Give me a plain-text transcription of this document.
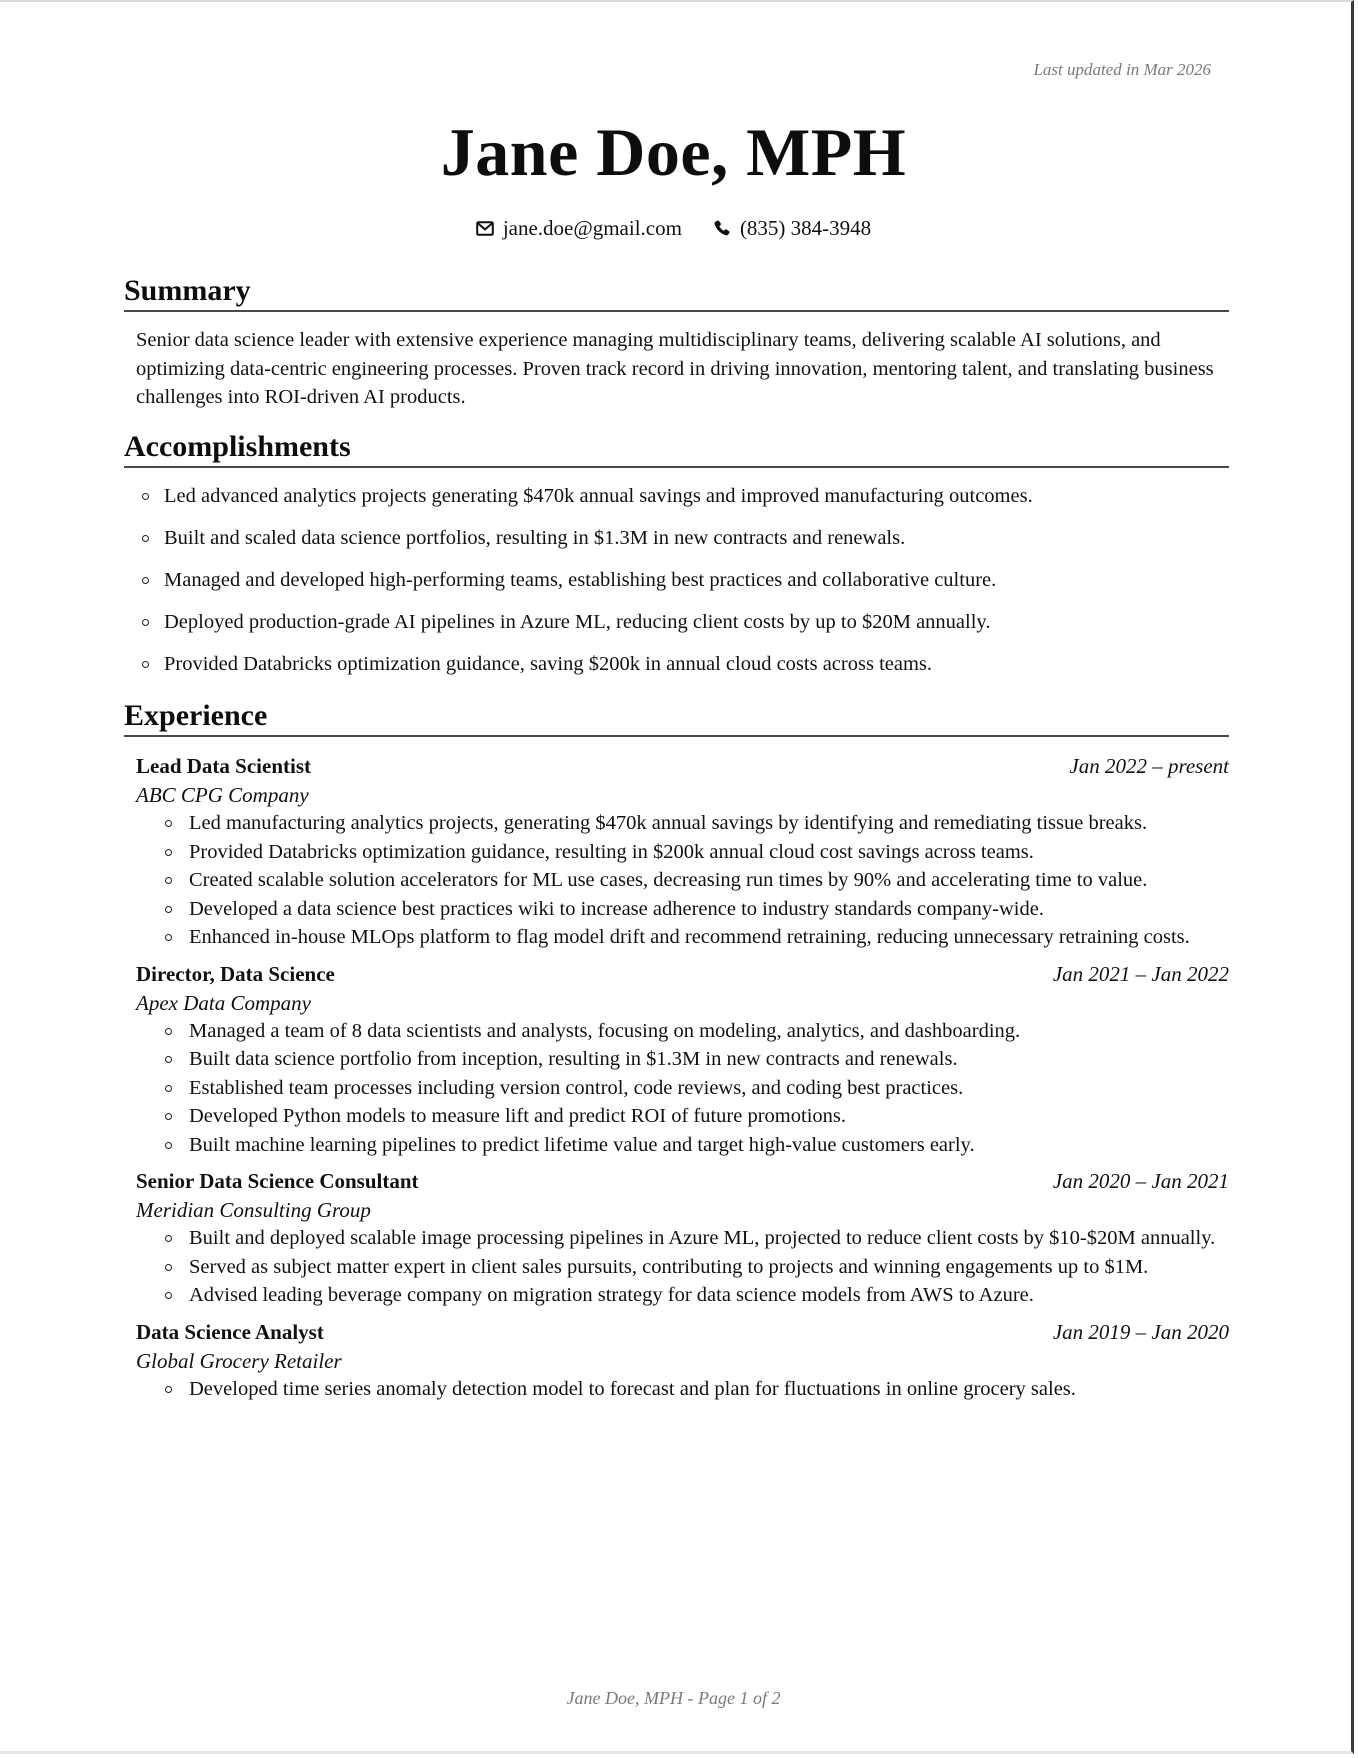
Last updated in Mar 2026
Jane Doe, MPH
jane.doe@gmail.com	(835) 384-3948
Summary
Senior data science leader with extensive experience managing multidisciplinary teams, delivering scalable AI solutions, and optimizing data-centric engineering processes. Proven track record in driving innovation, mentoring talent, and translating business challenges into ROI-driven AI products.
Accomplishments
Led advanced analytics projects generating $470k annual savings and improved manufacturing outcomes.
Built and scaled data science portfolios, resulting in $1.3M in new contracts and renewals.
Managed and developed high-performing teams, establishing best practices and collaborative culture.
Deployed production-grade AI pipelines in Azure ML, reducing client costs by up to $20M annually.
Provided Databricks optimization guidance, saving $200k in annual cloud costs across teams.
Experience
Lead Data Scientist	Jan 2022 – present
ABC CPG Company
Led manufacturing analytics projects, generating $470k annual savings by identifying and remediating tissue breaks.
Provided Databricks optimization guidance, resulting in $200k annual cloud cost savings across teams.
Created scalable solution accelerators for ML use cases, decreasing run times by 90% and accelerating time to value.
Developed a data science best practices wiki to increase adherence to industry standards company-wide.
Enhanced in-house MLOps platform to flag model drift and recommend retraining, reducing unnecessary retraining costs.
Director, Data Science	Jan 2021 – Jan 2022
Apex Data Company
Managed a team of 8 data scientists and analysts, focusing on modeling, analytics, and dashboarding.
Built data science portfolio from inception, resulting in $1.3M in new contracts and renewals.
Established team processes including version control, code reviews, and coding best practices.
Developed Python models to measure lift and predict ROI of future promotions.
Built machine learning pipelines to predict lifetime value and target high-value customers early.
Senior Data Science Consultant	Jan 2020 – Jan 2021
Meridian Consulting Group
Built and deployed scalable image processing pipelines in Azure ML, projected to reduce client costs by $10-$20M annually.
Served as subject matter expert in client sales pursuits, contributing to projects and winning engagements up to $1M.
Advised leading beverage company on migration strategy for data science models from AWS to Azure.
Data Science Analyst	Jan 2019 – Jan 2020
Global Grocery Retailer
Developed time series anomaly detection model to forecast and plan for fluctuations in online grocery sales.
Jane Doe, MPH - Page 1 of 2
